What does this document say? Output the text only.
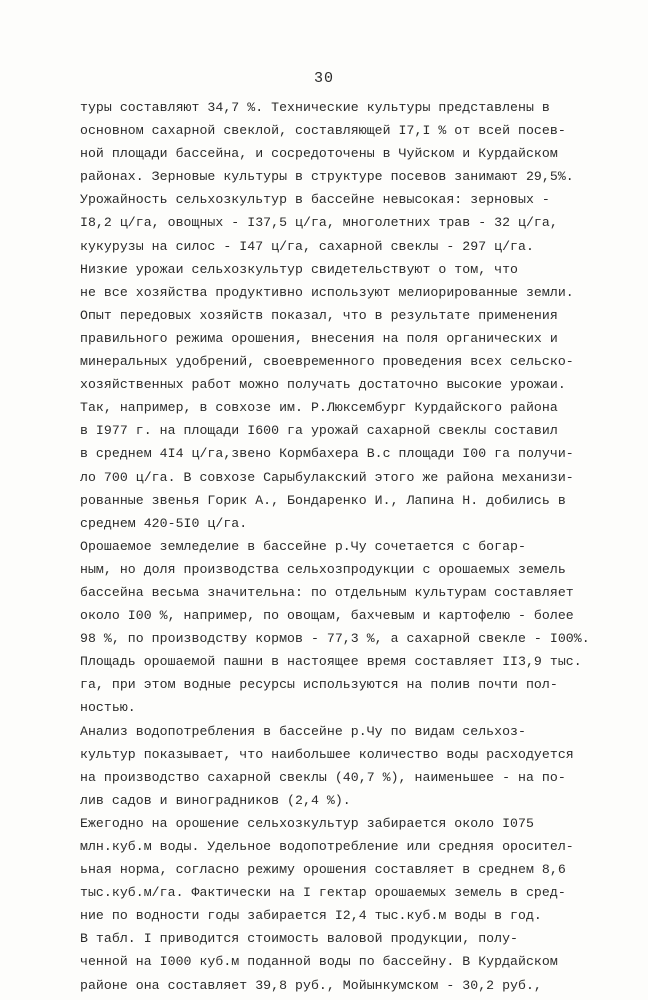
30
туры составляют 34,7 %. Технические культуры представлены в
основном сахарной свеклой, составляющей I7,I % от всей посев-
ной площади бассейна, и сосредоточены в Чуйском и Курдайском
районах. Зерновые культуры в структуре посевов занимают 29,5%.
Урожайность сельхозкультур в бассейне невысокая: зерновых -
I8,2 ц/га, овощных - I37,5 ц/га, многолетних трав - 32 ц/га,
кукурузы на силос - I47 ц/га, сахарной свеклы - 297 ц/га.
Низкие урожаи сельхозкультур свидетельствуют о том, что
не все хозяйства продуктивно используют мелиорированные земли.
Опыт передовых хозяйств показал, что в результате применения
правильного режима орошения, внесения на поля органических и
минеральных удобрений, своевременного проведения всех сельско-
хозяйственных работ можно получать достаточно высокие урожаи.
Так, например, в совхозе им. Р.Люксембург Курдайского района
в I977 г. на площади I600 га урожай сахарной свеклы составил
в среднем 4I4 ц/га,звено Кормбахера В.с площади I00 га получи-
ло 700 ц/га. В совхозе Сарыбулакский этого же района механизи-
рованные звенья Горик А., Бондаренко И., Лапина Н. добились в
среднем 420-5I0 ц/га.
Орошаемое земледелие в бассейне р.Чу сочетается с богар-
ным, но доля производства сельхозпродукции с орошаемых земель
бассейна весьма значительна: по отдельным культурам составляет
около I00 %, например, по овощам, бахчевым и картофелю - более
98 %, по производству кормов - 77,3 %, а сахарной свекле - I00%.
Площадь орошаемой пашни в настоящее время составляет II3,9 тыс.
га, при этом водные ресурсы используются на полив почти пол-
ностью.
Анализ водопотребления в бассейне р.Чу по видам сельхоз-
культур показывает, что наибольшее количество воды расходуется
на производство сахарной свеклы (40,7 %), наименьшее - на по-
лив садов и виноградников (2,4 %).
Ежегодно на орошение сельхозкультур забирается около I075
млн.куб.м воды. Удельное водопотребление или средняя оросител-
ьная норма, согласно режиму орошения составляет в среднем 8,6
тыс.куб.м/га. Фактически на I гектар орошаемых земель в сред-
ние по водности годы забирается I2,4 тыс.куб.м воды в год.
В табл. I приводится стоимость валовой продукции, полу-
ченной на I000 куб.м поданной воды по бассейну. В Курдайском
районе она составляет 39,8 руб., Мойынкумском - 30,2 руб.,
